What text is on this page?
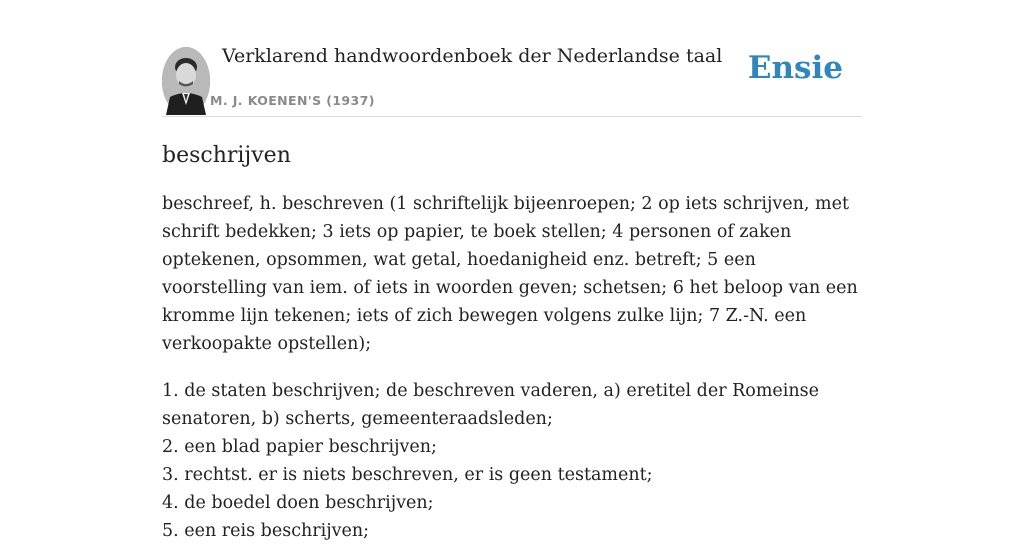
Verklarend handwoordenboek der Nederlandse taal
M. J. KOENEN'S (1937)
Ensie
beschrijven

beschreef, h. beschreven (1 schriftelijk bijeenroepen; 2 op iets schrijven, met schrift bedekken; 3 iets op papier, te boek stellen; 4 personen of zaken optekenen, opsommen, wat getal, hoedanigheid enz. betreft; 5 een voorstelling van iem. of iets in woorden geven; schetsen; 6 het beloop van een kromme lijn tekenen; iets of zich bewegen volgens zulke lijn; 7 Z.-N. een verkoopakte opstellen);

1. de staten beschrijven; de beschreven vaderen, a) eretitel der Romeinse senatoren, b) scherts, gemeenteraadsleden;
2. een blad papier beschrijven;
3. rechtst. er is niets beschreven, er is geen testament;
4. de boedel doen beschrijven;
5. een reis beschrijven;
